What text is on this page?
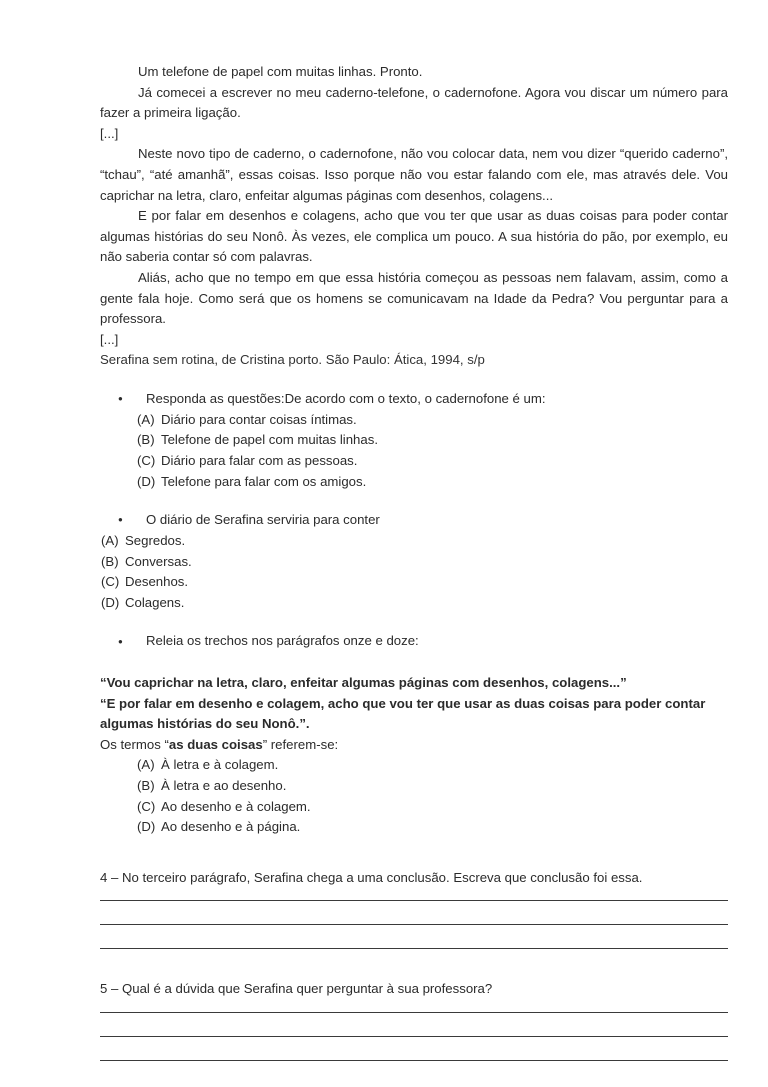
Um telefone de papel com muitas linhas. Pronto.

Já comecei a escrever no meu caderno-telefone, o cadernofone. Agora vou discar um número para fazer a primeira ligação.

[...]

Neste novo tipo de caderno, o cadernofone, não vou colocar data, nem vou dizer “querido caderno”, “tchau”, “até amanhã”, essas coisas. Isso porque não vou estar falando com ele, mas através dele. Vou caprichar na letra, claro, enfeitar algumas páginas com desenhos, colagens...

E por falar em desenhos e colagens, acho que vou ter que usar as duas coisas para poder contar algumas histórias do seu Nonô. Às vezes, ele complica um pouco. A sua história do pão, por exemplo, eu não saberia contar só com palavras.

Aliás, acho que no tempo em que essa história começou as pessoas nem falavam, assim, como a gente fala hoje. Como será que os homens se comunicavam na Idade da Pedra? Vou perguntar para a professora.

[...]

Serafina sem rotina, de Cristina porto. São Paulo: Ática, 1994, s/p

●
Responda as questões:De acordo com o texto, o cadernofone é um:
(A) Diário para contar coisas íntimas.
(B) Telefone de papel com muitas linhas.
(C) Diário para falar com as pessoas.
(D) Telefone para falar com os amigos.
●
O diário de Serafina serviria para conter
(A) Segredos.
(B) Conversas.
(C) Desenhos.
(D) Colagens.
●
Releia os trechos nos parágrafos onze e doze:

“Vou caprichar na letra, claro, enfeitar algumas páginas com desenhos, colagens...”

“E por falar em desenho e colagem, acho que vou ter que usar as duas coisas para poder contar algumas histórias do seu Nonô.”.

Os termos “as duas coisas” referem-se:

(A) À letra e à colagem.
(B) À letra e ao desenho.
(C) Ao desenho e à colagem.
(D) Ao desenho e à página.

4 – No terceiro parágrafo, Serafina chega a uma conclusão. Escreva que conclusão foi essa.

5 – Qual é a dúvida que Serafina quer perguntar à sua professora?
